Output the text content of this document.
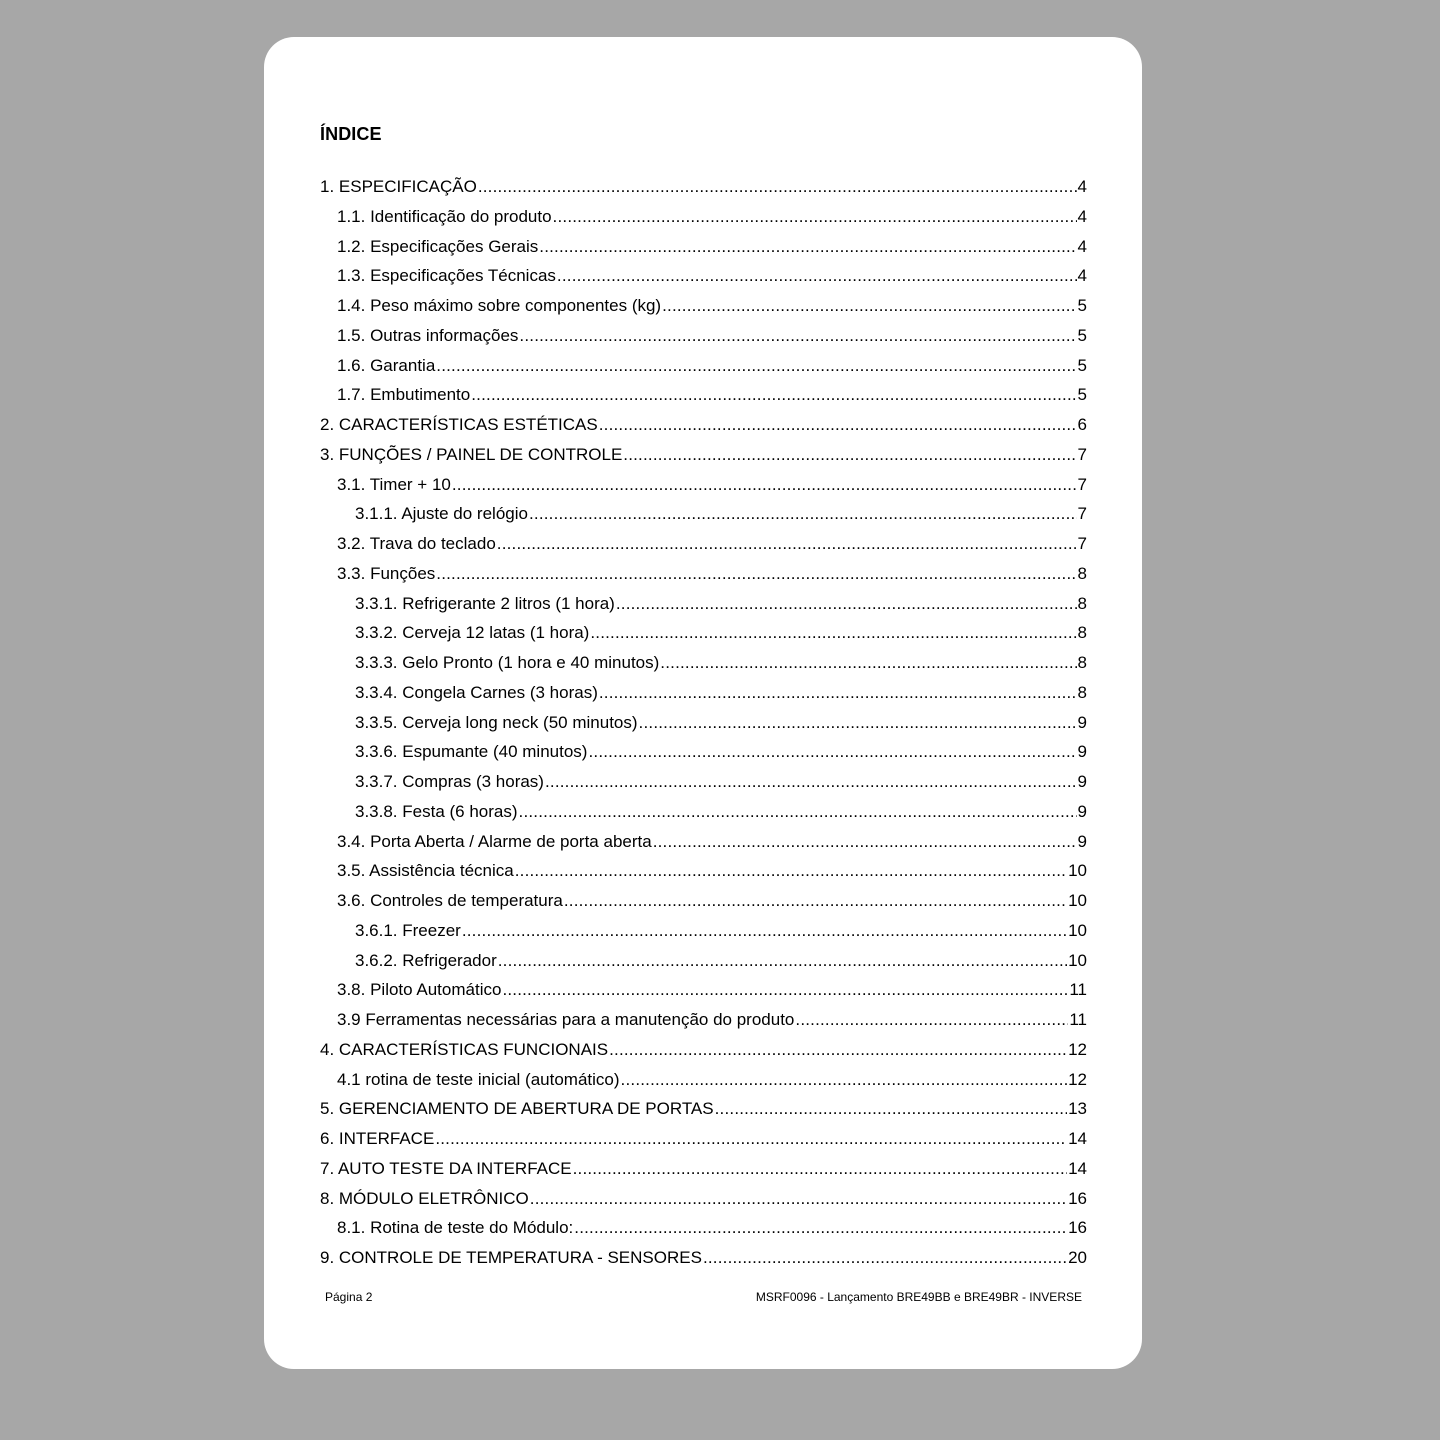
ÍNDICE
1. ESPECIFICAÇÃO .....	4
1.1. Identificação do produto .....	4
1.2. Especificações Gerais .....	4
1.3. Especificações Técnicas .....	4
1.4. Peso máximo sobre componentes (kg) .....	5
1.5. Outras informações .....	5
1.6. Garantia .....	5
1.7. Embutimento .....	5
2. CARACTERÍSTICAS ESTÉTICAS .....	6
3. FUNÇÕES / PAINEL DE CONTROLE .....	7
3.1. Timer + 10 .....	7
3.1.1. Ajuste do relógio .....	7
3.2. Trava do teclado .....	7
3.3. Funções .....	8
3.3.1. Refrigerante 2 litros (1 hora) .....	8
3.3.2. Cerveja 12 latas (1 hora) .....	8
3.3.3. Gelo Pronto (1 hora e 40 minutos) .....	8
3.3.4. Congela Carnes (3 horas) .....	8
3.3.5. Cerveja long neck (50 minutos) .....	9
3.3.6. Espumante (40 minutos) .....	9
3.3.7. Compras (3 horas) .....	9
3.3.8. Festa (6 horas) .....	9
3.4. Porta Aberta / Alarme de porta aberta .....	9
3.5. Assistência técnica .....	10
3.6. Controles de temperatura .....	10
3.6.1. Freezer .....	10
3.6.2. Refrigerador .....	10
3.8. Piloto Automático .....	11
3.9 Ferramentas necessárias para a manutenção do produto .....	11
4. CARACTERÍSTICAS FUNCIONAIS .....	12
4.1 rotina de teste inicial (automático) .....	12
5. GERENCIAMENTO DE ABERTURA DE PORTAS .....	13
6. INTERFACE .....	14
7. AUTO TESTE DA INTERFACE .....	14
8. MÓDULO ELETRÔNICO .....	16
8.1. Rotina de teste do Módulo: .....	16
9. CONTROLE DE TEMPERATURA - SENSORES .....	20
Página 2	MSRF0096 - Lançamento BRE49BB e BRE49BR - INVERSE
